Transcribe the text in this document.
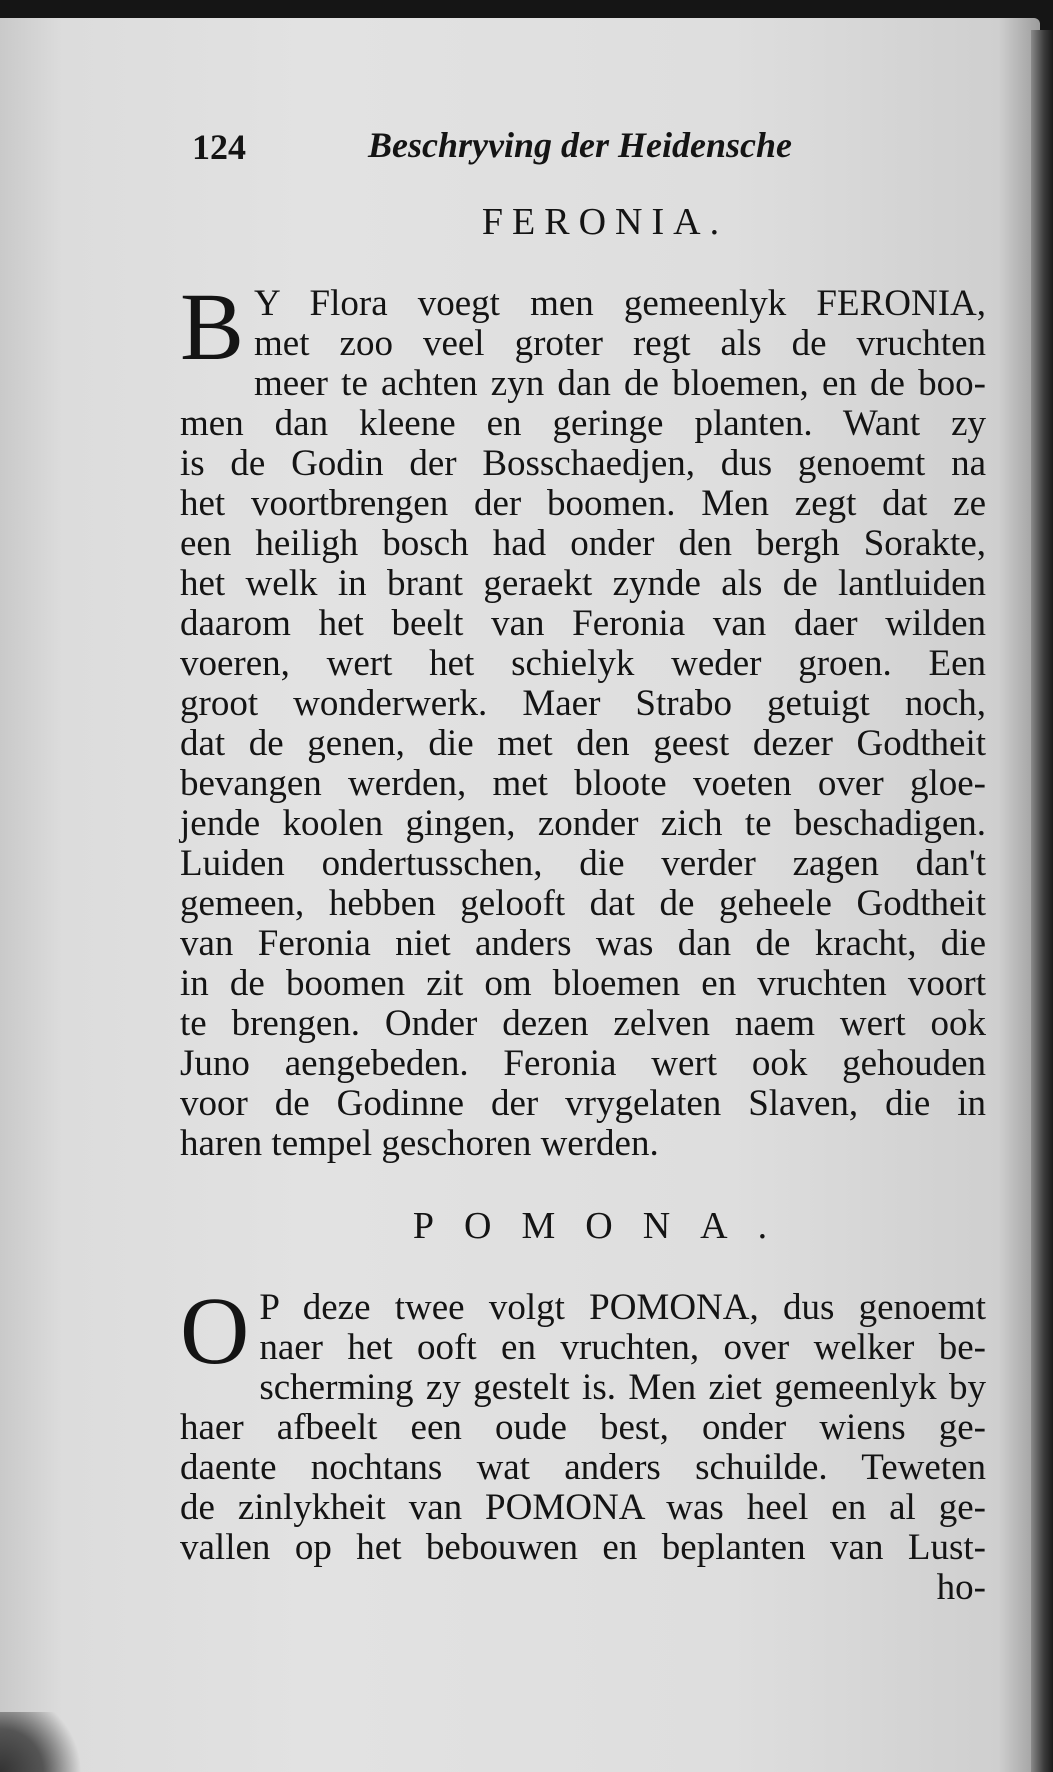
124	Beschryving der Heidensche
FERONIA.
B Y Flora voegt men gemeenlyk FERONIA,
met zoo veel groter regt als de vruchten
meer te achten zyn dan de bloemen, en de boo-
men dan kleene en geringe planten. Want zy
is de Godin der Bosschaedjen, dus genoemt na
het voortbrengen der boomen. Men zegt dat ze
een heiligh bosch had onder den bergh Sorakte,
het welk in brant geraekt zynde als de lantluiden
daarom het beelt van Feronia van daer wilden
voeren, wert het schielyk weder groen. Een
groot wonderwerk. Maer Strabo getuigt noch,
dat de genen, die met den geest dezer Godtheit
bevangen werden, met bloote voeten over gloe-
jende koolen gingen, zonder zich te beschadigen.
Luiden ondertusschen, die verder zagen dan't
gemeen, hebben gelooft dat de geheele Godtheit
van Feronia niet anders was dan de kracht, die
in de boomen zit om bloemen en vruchten voort
te brengen. Onder dezen zelven naem wert ook
Juno aengebeden. Feronia wert ook gehouden
voor de Godinne der vrygelaten Slaven, die in
haren tempel geschoren werden.
POMONA.
O P deze twee volgt POMONA, dus genoemt
naer het ooft en vruchten, over welker be-
scherming zy gestelt is. Men ziet gemeenlyk by
haer afbeelt een oude best, onder wiens ge-
daente nochtans wat anders schuilde. Teweten
de zinlykheit van POMONA was heel en al ge-
vallen op het bebouwen en beplanten van Lust-
ho-
